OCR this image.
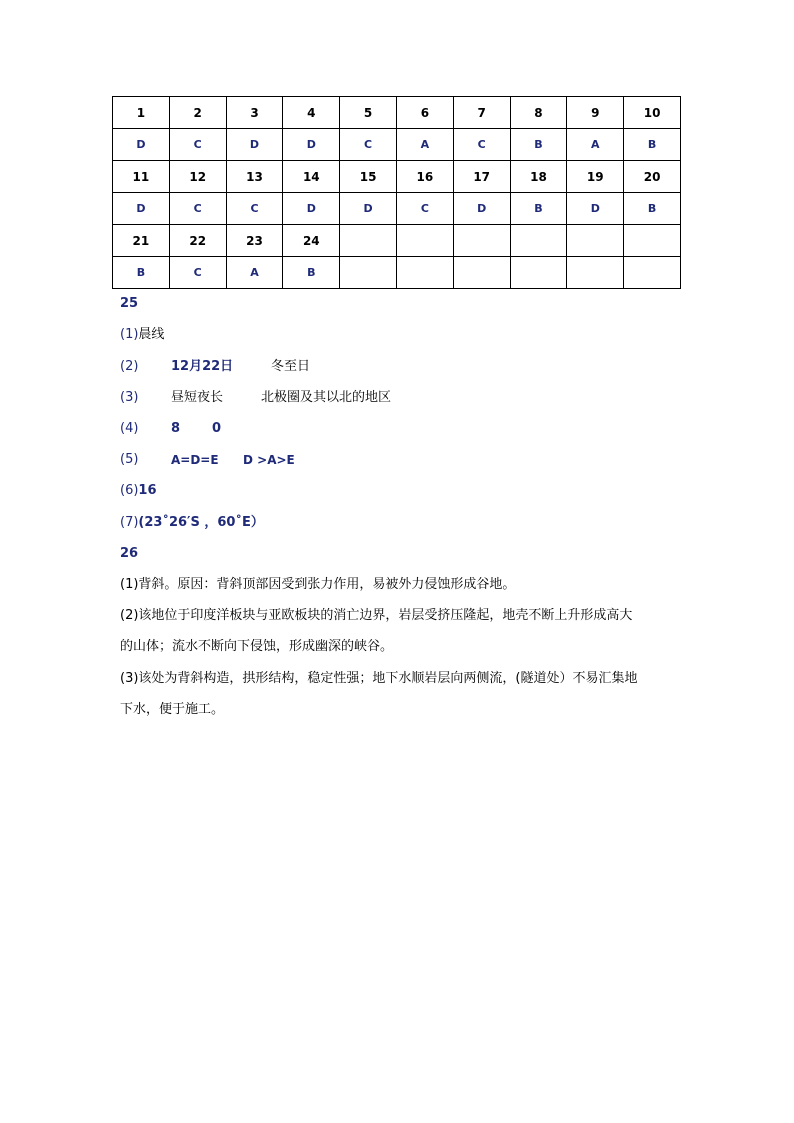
1	2	3	4	5	6	7	8	9	10
D	C	D	D	C	A	C	B	A	B
11	12	13	14	15	16	17	18	19	20
D	C	C	D	D	C	D	B	D	B
21	22	23	24						
B	C	A	B						
25
(1)晨线
(2)	12月22日	冬至日
(3)	昼短夜长	北极圈及其以北的地区
(4)	8 0
(5)	A=D=E D >A>E
(6)16
(7)(23˚26′S ，60˚E）
26
(1)背斜。原因：背斜顶部因受到张力作用，易被外力侵蚀形成谷地。
(2)该地位于印度洋板块与亚欧板块的消亡边界，岩层受挤压隆起，地壳不断上升形成高大
的山体；流水不断向下侵蚀，形成幽深的峡谷。
(3)该处为背斜构造，拱形结构，稳定性强；地下水顺岩层向两侧流，(隧道处）不易汇集地
下水，便于施工。
